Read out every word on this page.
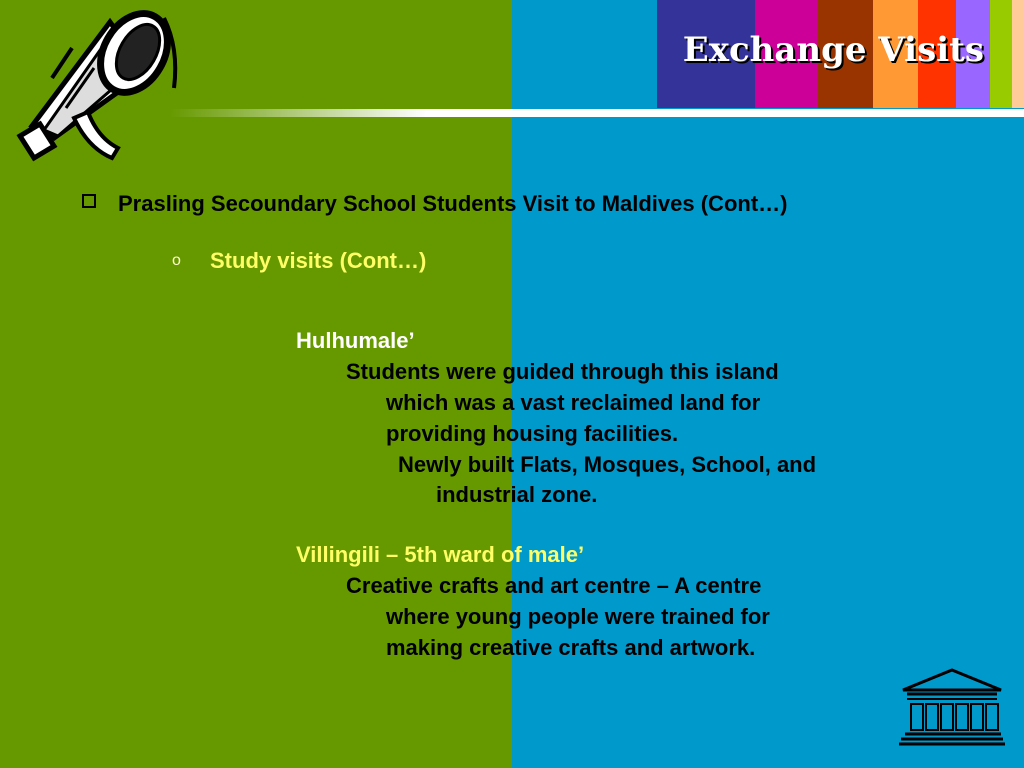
Exchange Visits
Prasling Secoundary School Students Visit to Maldives (Cont…)
o Study visits (Cont…)
Hulhumale’
Students were guided through this island
which was a vast reclaimed land for
providing housing facilities.
Newly built Flats, Mosques, School, and
industrial zone.
Villingili – 5th ward of male’
Creative crafts and art centre – A centre
where young people were trained for
making creative crafts and artwork.
